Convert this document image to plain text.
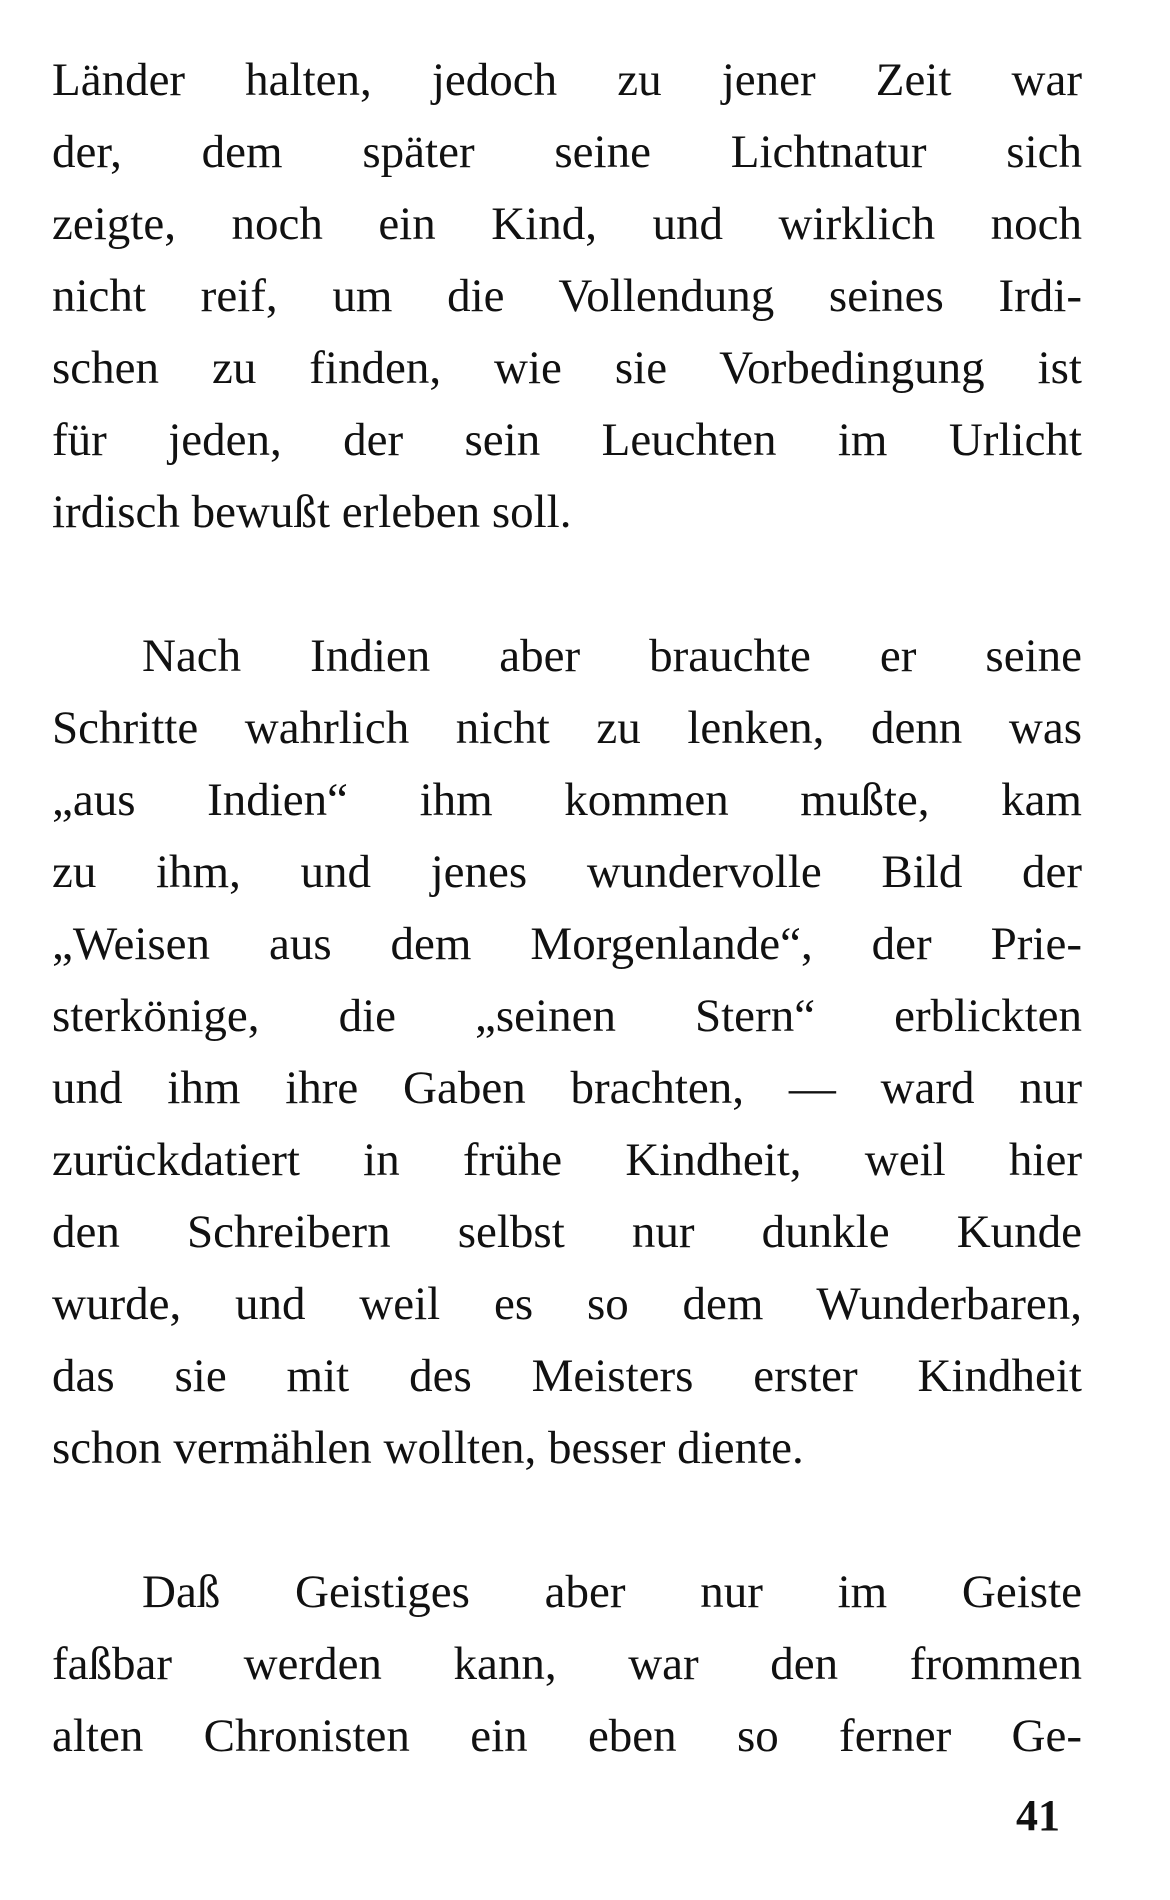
Länder halten, jedoch zu jener Zeit war
der, dem später seine Lichtnatur sich
zeigte, noch ein Kind, und wirklich noch
nicht reif, um die Vollendung seines Irdi-
schen zu finden, wie sie Vorbedingung ist
für jeden, der sein Leuchten im Urlicht
irdisch bewußt erleben soll.
Nach Indien aber brauchte er seine
Schritte wahrlich nicht zu lenken, denn was
„aus Indien“ ihm kommen mußte, kam
zu ihm, und jenes wundervolle Bild der
„Weisen aus dem Morgenlande“, der Prie-
sterkönige, die „seinen Stern“ erblickten
und ihm ihre Gaben brachten, — ward nur
zurückdatiert in frühe Kindheit, weil hier
den Schreibern selbst nur dunkle Kunde
wurde, und weil es so dem Wunderbaren,
das sie mit des Meisters erster Kindheit
schon vermählen wollten, besser diente.
Daß Geistiges aber nur im Geiste
faßbar werden kann, war den frommen
alten Chronisten ein eben so ferner Ge-
41
